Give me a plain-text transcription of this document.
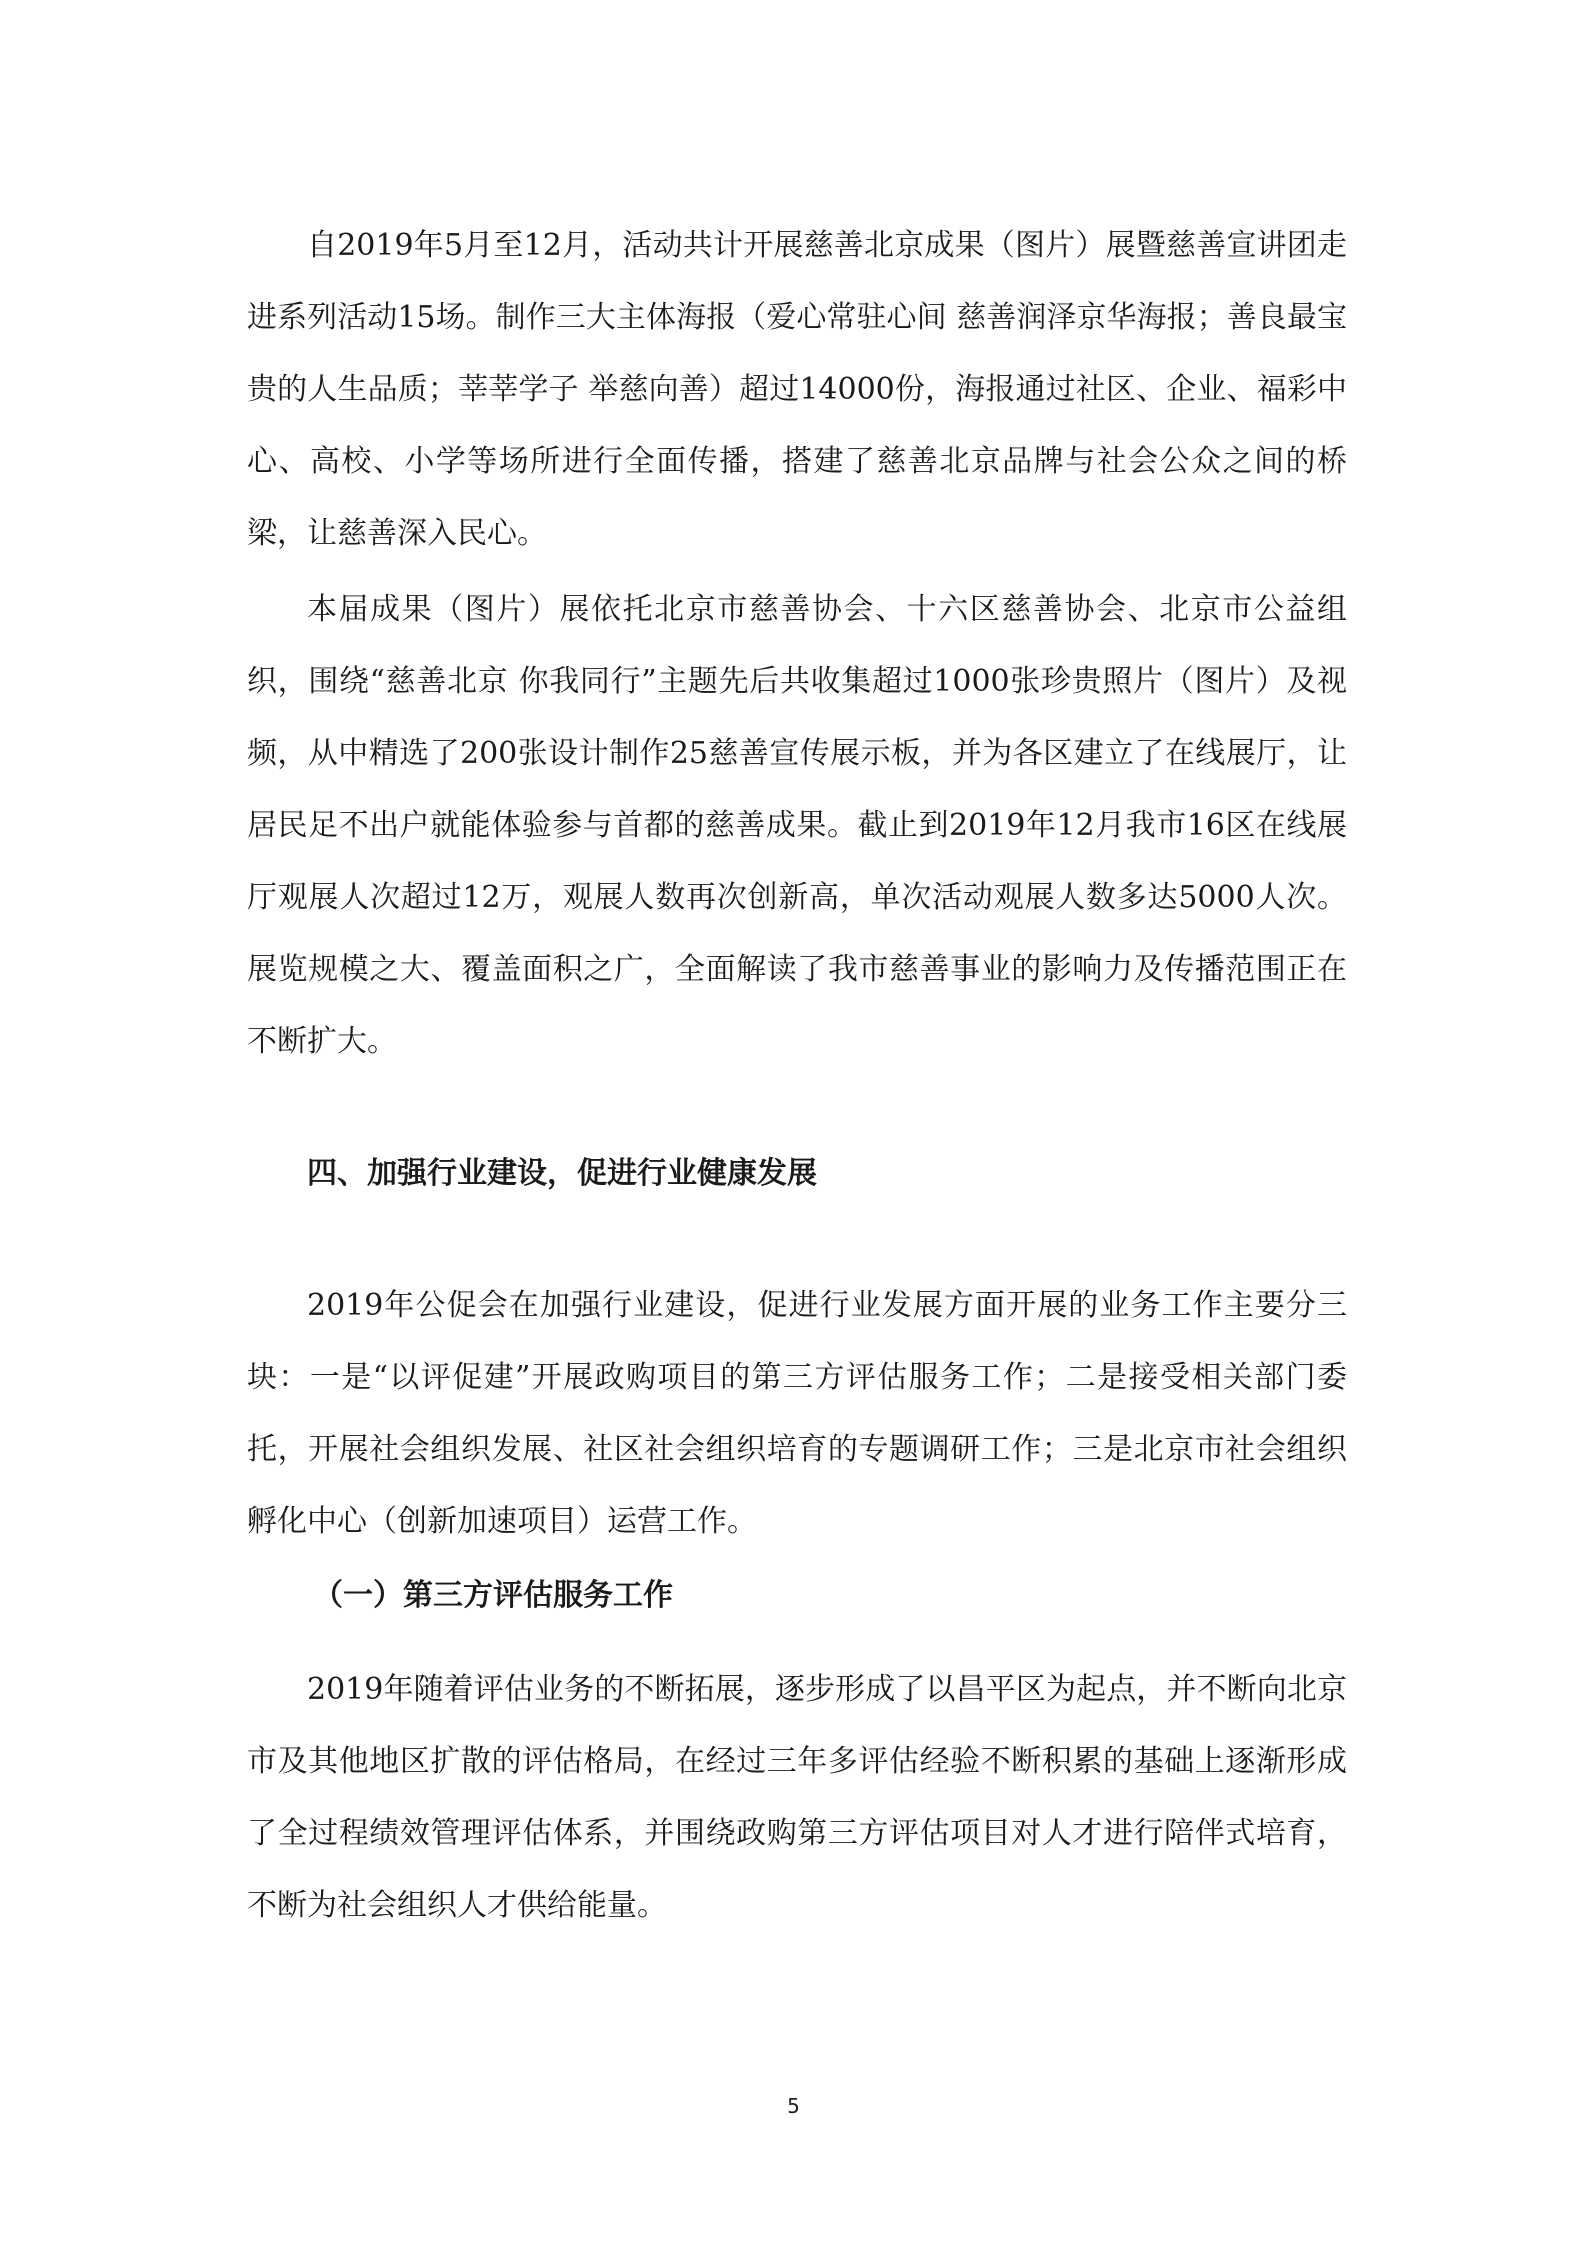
自2019年5月至12月，活动共计开展慈善北京成果（图片）展暨慈善宣讲团走进系列活动15场。制作三大主体海报（爱心常驻心间 慈善润泽京华海报；善良最宝贵的人生品质；莘莘学子 举慈向善）超过14000份，海报通过社区、企业、福彩中心、高校、小学等场所进行全面传播，搭建了慈善北京品牌与社会公众之间的桥梁，让慈善深入民心。

本届成果（图片）展依托北京市慈善协会、十六区慈善协会、北京市公益组织，围绕“慈善北京 你我同行”主题先后共收集超过1000张珍贵照片（图片）及视频，从中精选了200张设计制作25慈善宣传展示板，并为各区建立了在线展厅，让居民足不出户就能体验参与首都的慈善成果。截止到2019年12月我市16区在线展厅观展人次超过12万，观展人数再次创新高，单次活动观展人数多达5000人次。展览规模之大、覆盖面积之广，全面解读了我市慈善事业的影响力及传播范围正在不断扩大。

四、加强行业建设，促进行业健康发展

2019年公促会在加强行业建设，促进行业发展方面开展的业务工作主要分三块：一是“以评促建”开展政购项目的第三方评估服务工作；二是接受相关部门委托，开展社会组织发展、社区社会组织培育的专题调研工作；三是北京市社会组织孵化中心（创新加速项目）运营工作。

（一）第三方评估服务工作

2019年随着评估业务的不断拓展，逐步形成了以昌平区为起点，并不断向北京市及其他地区扩散的评估格局，在经过三年多评估经验不断积累的基础上逐渐形成了全过程绩效管理评估体系，并围绕政购第三方评估项目对人才进行陪伴式培育，不断为社会组织人才供给能量。

5
